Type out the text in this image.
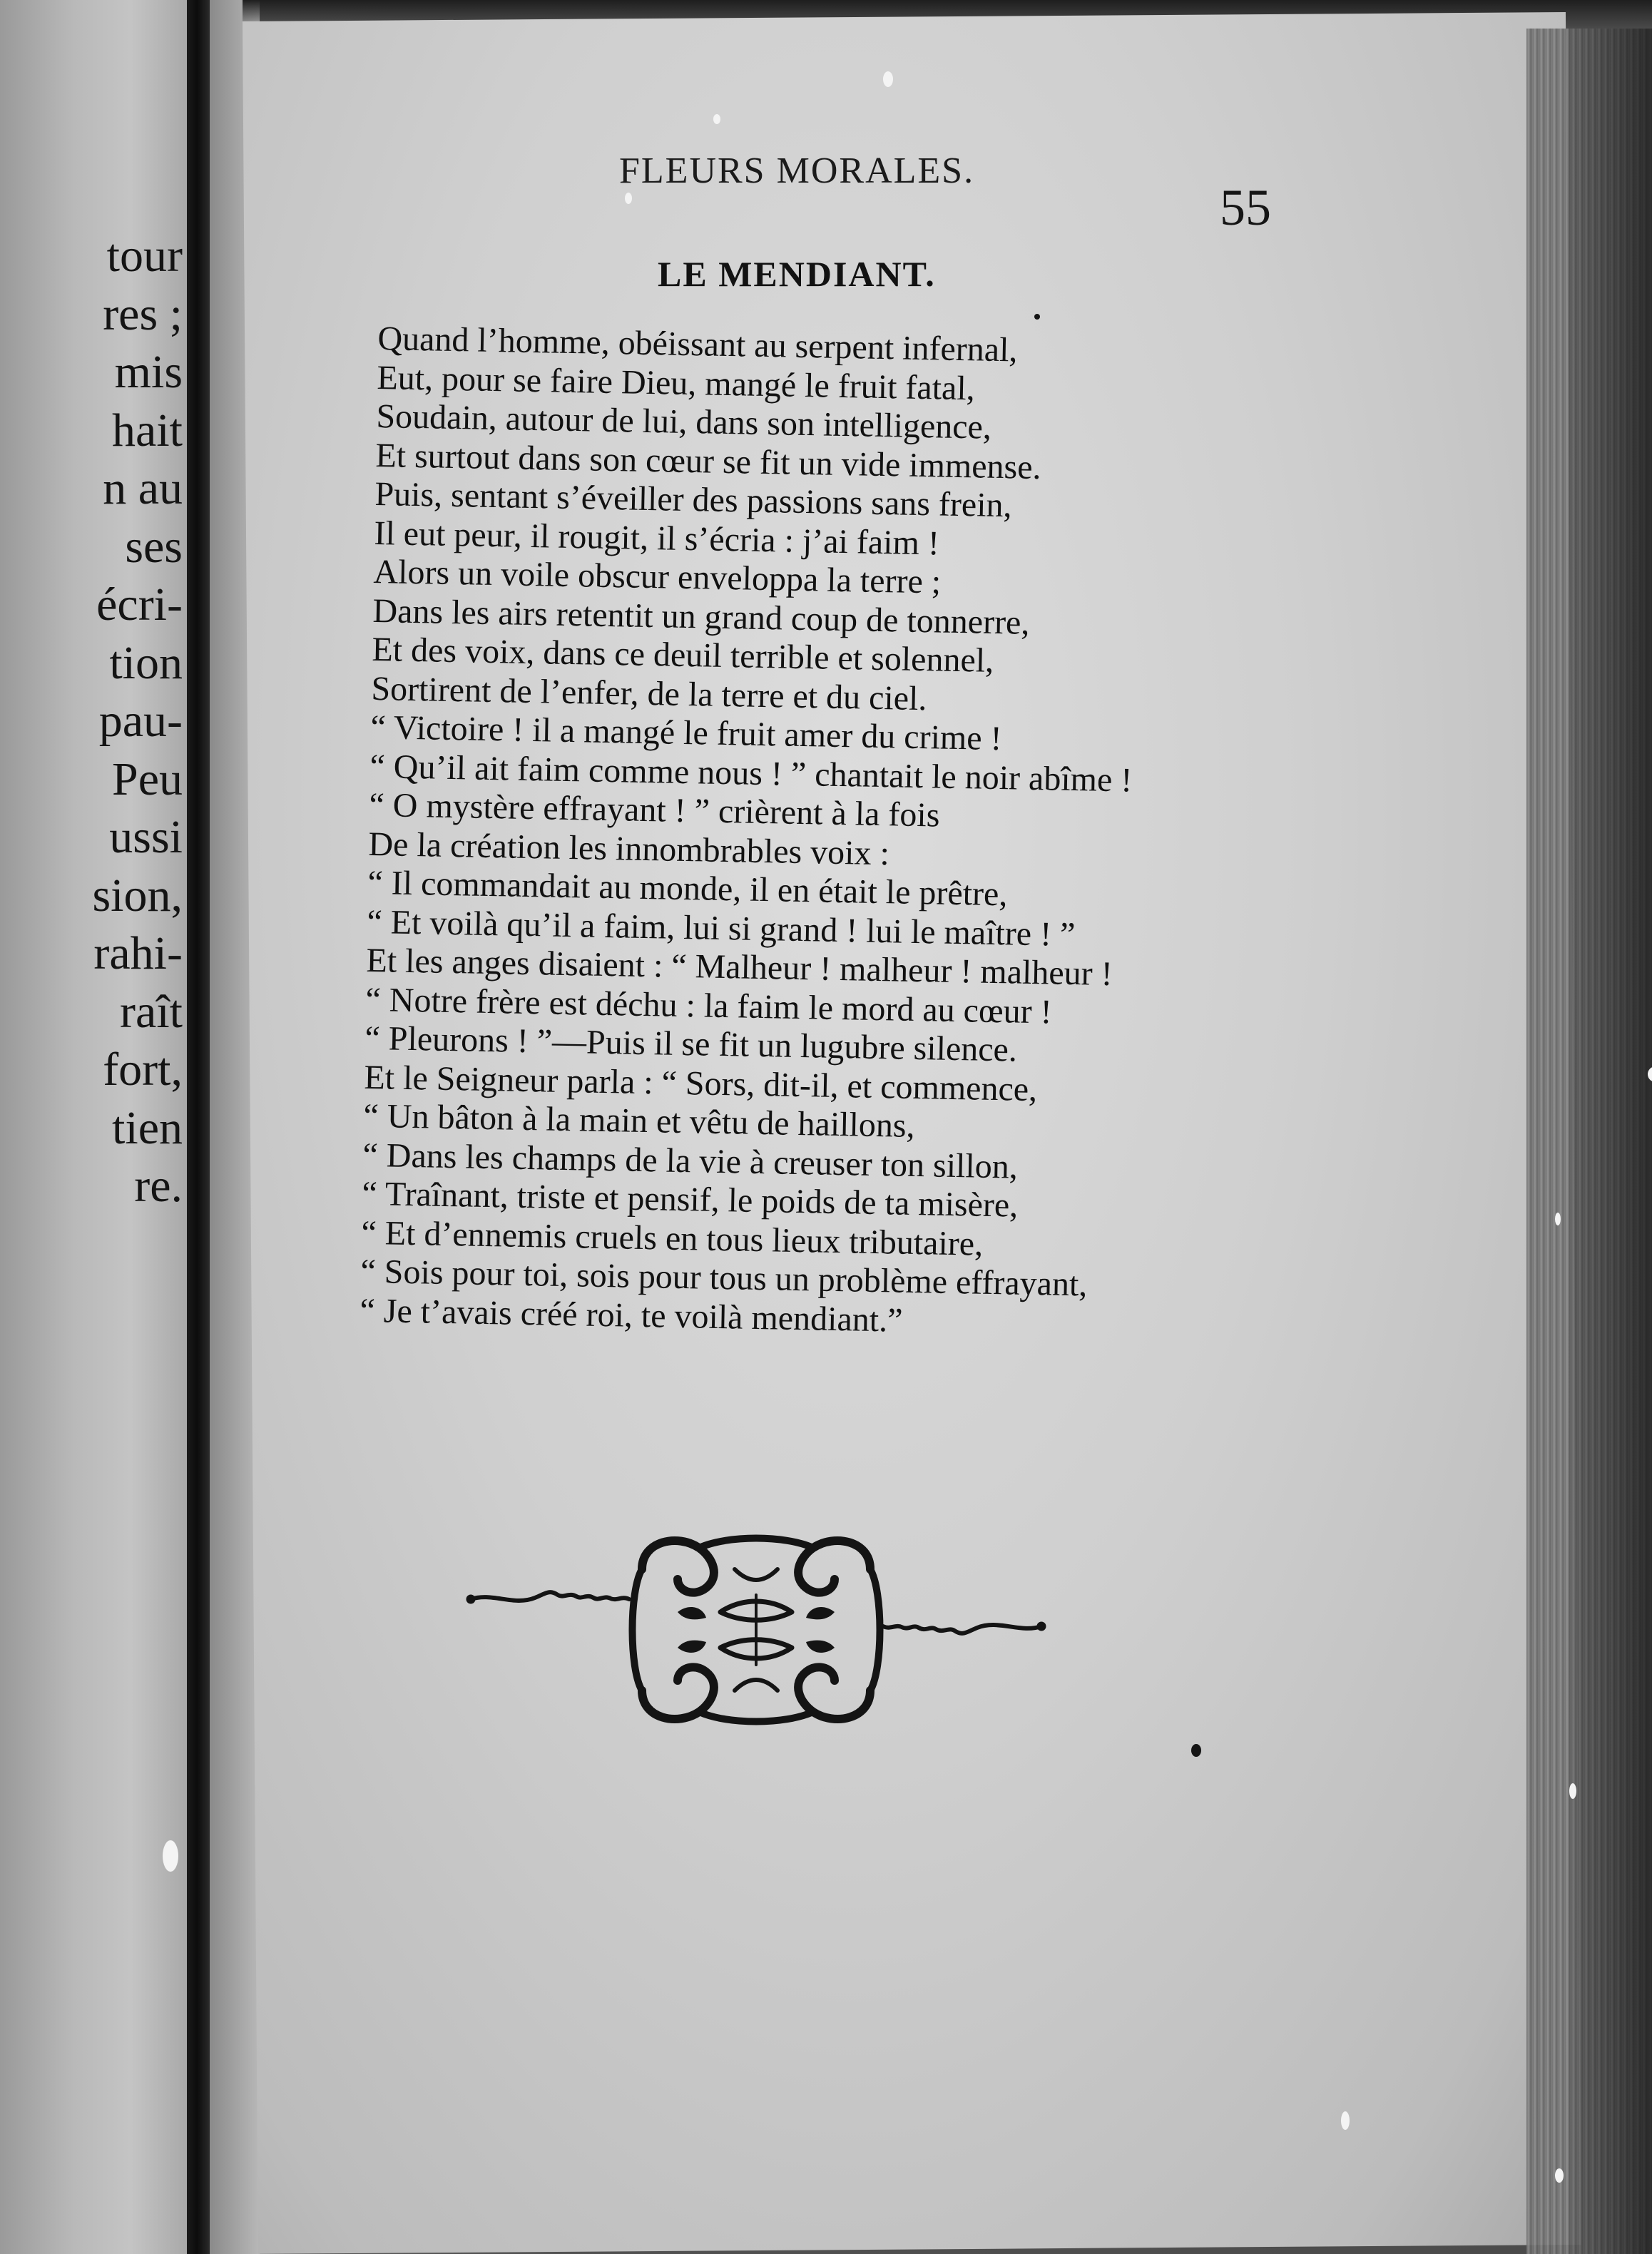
tour
res ;
mis
hait
n au
ses
écri-
tion
pau-
Peu
ussi
sion,
rahi-
raît
fort,
tien
re.
FLEURS MORALES.
55
LE MENDIANT.
Quand l’homme, obéissant au serpent infernal,
Eut, pour se faire Dieu, mangé le fruit fatal,
Soudain, autour de lui, dans son intelligence,
Et surtout dans son cœur se fit un vide immense.
Puis, sentant s’éveiller des passions sans frein,
Il eut peur, il rougit, il s’écria : j’ai faim !
Alors un voile obscur enveloppa la terre ;
Dans les airs retentit un grand coup de tonnerre,
Et des voix, dans ce deuil terrible et solennel,
Sortirent de l’enfer, de la terre et du ciel.
“ Victoire ! il a mangé le fruit amer du crime !
“ Qu’il ait faim comme nous ! ” chantait le noir abîme !
“ O mystère effrayant ! ” crièrent à la fois
De la création les innombrables voix :
“ Il commandait au monde, il en était le prêtre,
“ Et voilà qu’il a faim, lui si grand ! lui le maître ! ”
Et les anges disaient : “ Malheur ! malheur ! malheur !
“ Notre frère est déchu : la faim le mord au cœur !
“ Pleurons ! ”—Puis il se fit un lugubre silence.
Et le Seigneur parla : “ Sors, dit-il, et commence,
“ Un bâton à la main et vêtu de haillons,
“ Dans les champs de la vie à creuser ton sillon,
“ Traînant, triste et pensif, le poids de ta misère,
“ Et d’ennemis cruels en tous lieux tributaire,
“ Sois pour toi, sois pour tous un problème effrayant,
“ Je t’avais créé roi, te voilà mendiant.”
